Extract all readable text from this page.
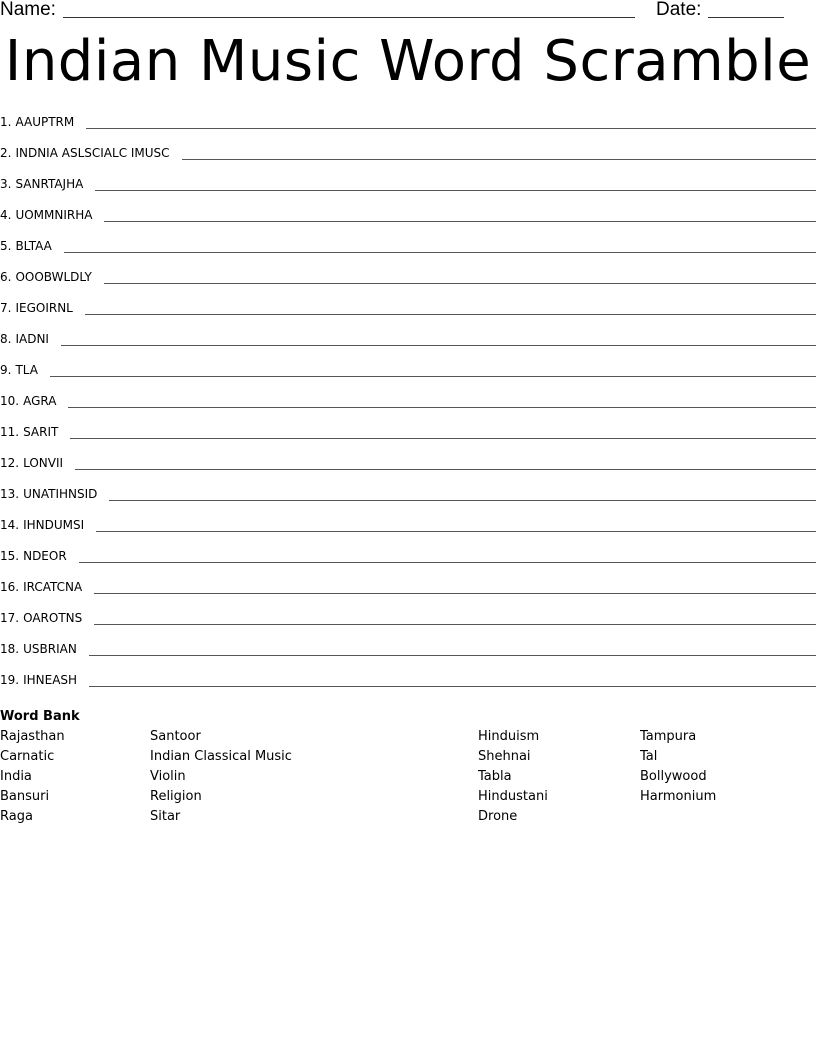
Name:	Date:
Indian Music Word Scramble
1. AAUPTRM
2. INDNIA ASLSCIALC IMUSC
3. SANRTAJHA
4. UOMMNIRHA
5. BLTAA
6. OOOBWLDLY
7. IEGOIRNL
8. IADNI
9. TLA
10. AGRA
11. SARIT
12. LONVII
13. UNATIHNSID
14. IHNDUMSI
15. NDEOR
16. IRCATCNA
17. OAROTNS
18. USBRIAN
19. IHNEASH
Word Bank
Rajasthan
Carnatic
India
Bansuri
Raga
Santoor
Indian Classical Music
Violin
Religion
Sitar
Hinduism
Shehnai
Tabla
Hindustani
Drone
Tampura
Tal
Bollywood
Harmonium
